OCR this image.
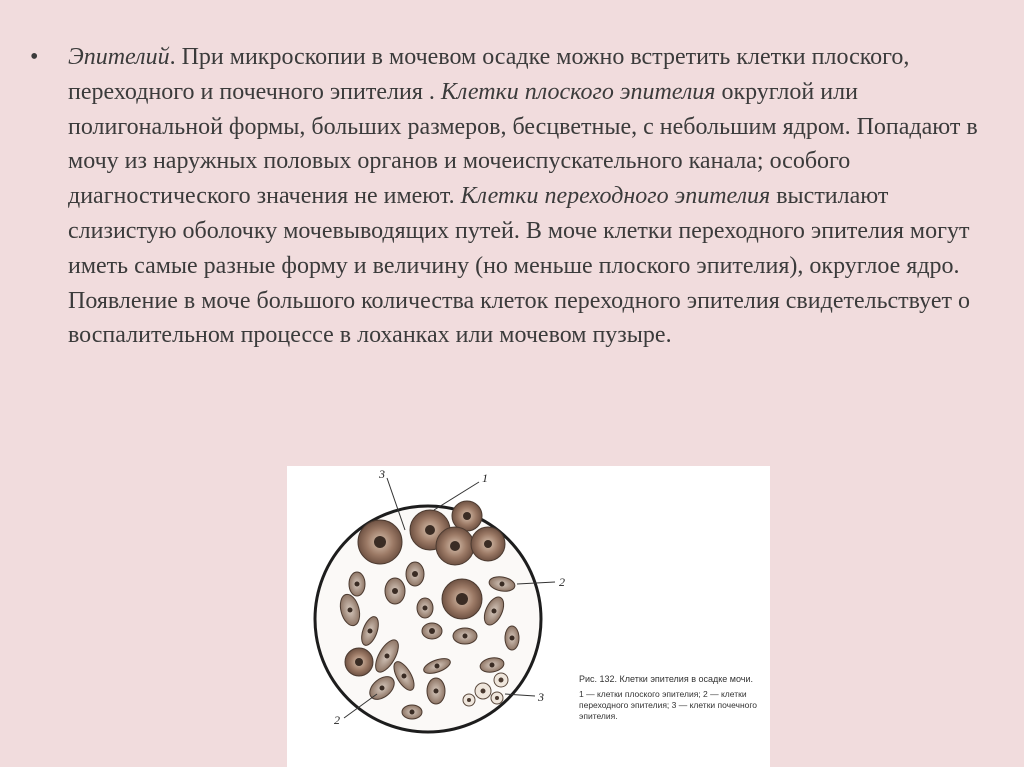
• Эпителий. При микроскопии в мочевом осадке можно встретить клетки плоского, переходного и почечного эпителия . Клетки плоского эпителия округлой или полигональной формы, больших размеров, бесцветные, с небольшим ядром. Попадают в мочу из наружных половых органов и мочеиспускательного канала; особого диагностического значения не имеют. Клетки переходного эпителия выстилают слизистую оболочку мочевыводящих путей. В моче клетки переходного эпителия могут иметь самые разные форму и величину (но меньше плоского эпителия), округлое ядро. Появление в моче большого количества клеток переходного эпителия свидетельствует о воспалительном процессе в лоханках или мочевом пузыре.
3	1
2
2
3
Рис. 132. Клетки эпителия в осадке мочи.
1 — клетки плоского эпителия; 2 — клетки переходного эпителия; 3 — клетки почечного эпителия.
